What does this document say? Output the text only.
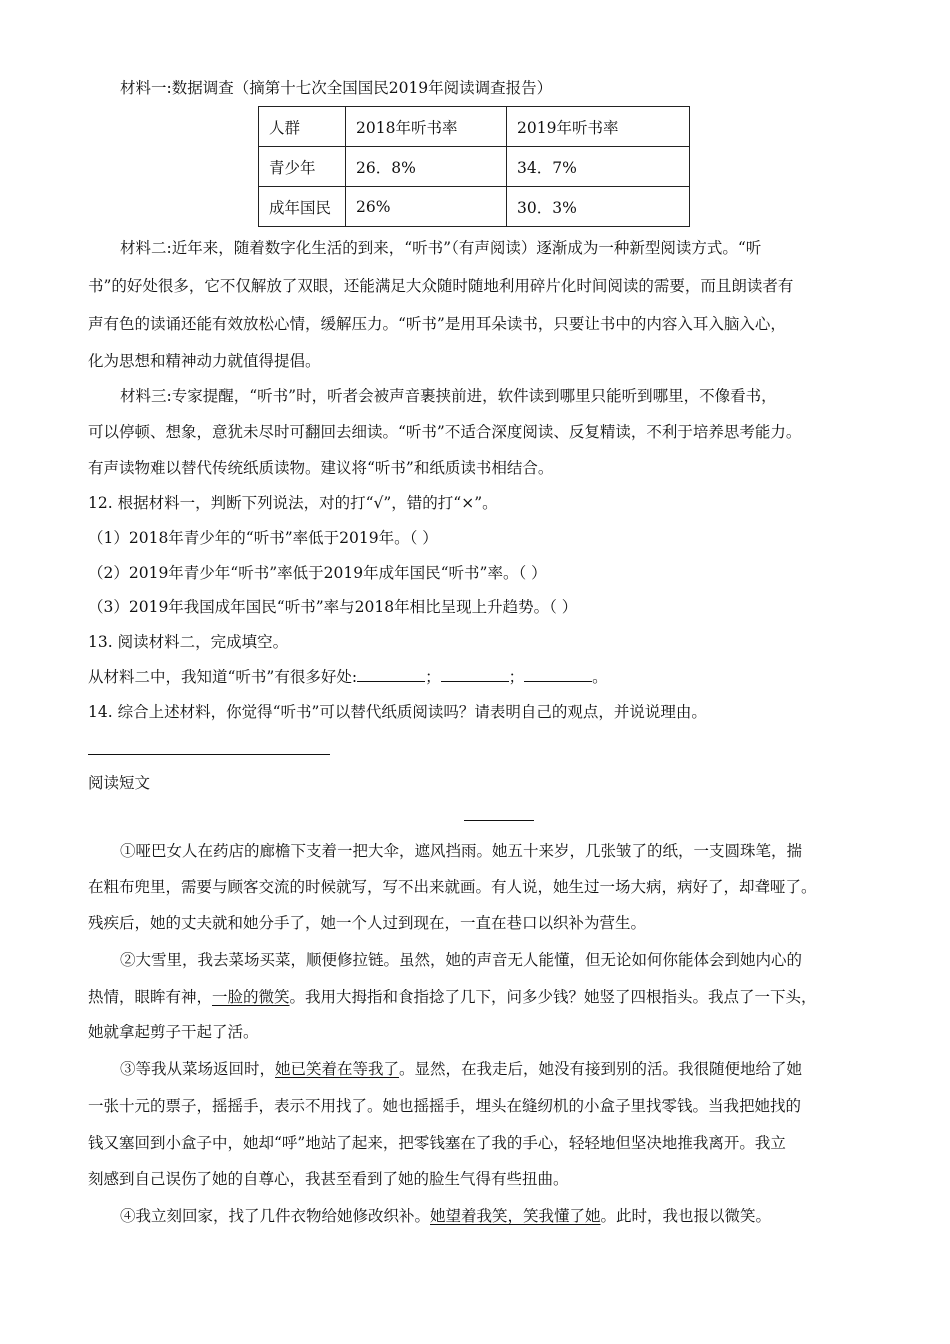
材料一:数据调查（摘第十七次全国国民2019年阅读调查报告）
人群	2018年听书率	2019年听书率
青少年	26．8%	34．7%
成年国民	26%	30．3%
材料二:近年来，随着数字化生活的到来，“听书”（有声阅读）逐渐成为一种新型阅读方式。“听
书”的好处很多，它不仅解放了双眼，还能满足大众随时随地利用碎片化时间阅读的需要，而且朗读者有
声有色的读诵还能有效放松心情，缓解压力。“听书”是用耳朵读书，只要让书中的内容入耳入脑入心，
化为思想和精神动力就值得提倡。
材料三:专家提醒，“听书”时，听者会被声音裹挟前进，软件读到哪里只能听到哪里，不像看书，
可以停顿、想象，意犹未尽时可翻回去细读。“听书”不适合深度阅读、反复精读，不利于培养思考能力。
有声读物难以替代传统纸质读物。建议将“听书”和纸质读书相结合。
12. 根据材料一，判断下列说法，对的打“√”，错的打“×”。
（1）2018年青少年的“听书”率低于2019年。（ ）
（2）2019年青少年“听书”率低于2019年成年国民“听书”率。（ ）
（3）2019年我国成年国民“听书”率与2018年相比呈现上升趋势。（ ）
13. 阅读材料二，完成填空。
从材料二中，我知道“听书”有很多好处:	；	；	。
14. 综合上述材料，你觉得“听书”可以替代纸质阅读吗？请表明自己的观点，并说说理由。
阅读短文
①哑巴女人在药店的廊檐下支着一把大伞，遮风挡雨。她五十来岁，几张皱了的纸，一支圆珠笔，揣
在粗布兜里，需要与顾客交流的时候就写，写不出来就画。有人说，她生过一场大病，病好了，却聋哑了。
残疾后，她的丈夫就和她分手了，她一个人过到现在，一直在巷口以织补为营生。
②大雪里，我去菜场买菜，顺便修拉链。虽然，她的声音无人能懂，但无论如何你能体会到她内心的
热情，眼眸有神，一脸的微笑。我用大拇指和食指捻了几下，问多少钱？她竖了四根指头。我点了一下头，
她就拿起剪子干起了活。
③等我从菜场返回时，她已笑着在等我了。显然，在我走后，她没有接到别的活。我很随便地给了她
一张十元的票子，摇摇手，表示不用找了。她也摇摇手，埋头在缝纫机的小盒子里找零钱。当我把她找的
钱又塞回到小盒子中，她却“呼”地站了起来，把零钱塞在了我的手心，轻轻地但坚决地推我离开。我立
刻感到自己误伤了她的自尊心，我甚至看到了她的脸生气得有些扭曲。
④我立刻回家，找了几件衣物给她修改织补。她望着我笑，笑我懂了她。此时，我也报以微笑。
